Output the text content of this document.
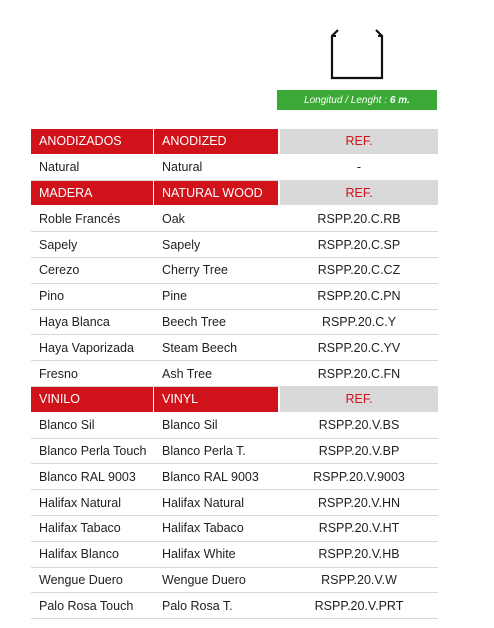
Longitud / Lenght : 6 m.
ANODIZADOS	ANODIZED	REF.
Natural	Natural	-
MADERA	NATURAL WOOD	REF.
Roble Francés	Oak	RSPP.20.C.RB
Sapely	Sapely	RSPP.20.C.SP
Cerezo	Cherry Tree	RSPP.20.C.CZ
Pino	Pine	RSPP.20.C.PN
Haya Blanca	Beech Tree	RSPP.20.C.Y
Haya Vaporizada	Steam Beech	RSPP.20.C.YV
Fresno	Ash Tree	RSPP.20.C.FN
VINILO	VINYL	REF.
Blanco Sil	Blanco Sil	RSPP.20.V.BS
Blanco Perla Touch	Blanco Perla T.	RSPP.20.V.BP
Blanco RAL 9003	Blanco RAL 9003	RSPP.20.V.9003
Halifax Natural	Halifax Natural	RSPP.20.V.HN
Halifax Tabaco	Halifax Tabaco	RSPP.20.V.HT
Halifax Blanco	Halifax White	RSPP.20.V.HB
Wengue Duero	Wengue Duero	RSPP.20.V.W
Palo Rosa Touch	Palo Rosa T.	RSPP.20.V.PRT
